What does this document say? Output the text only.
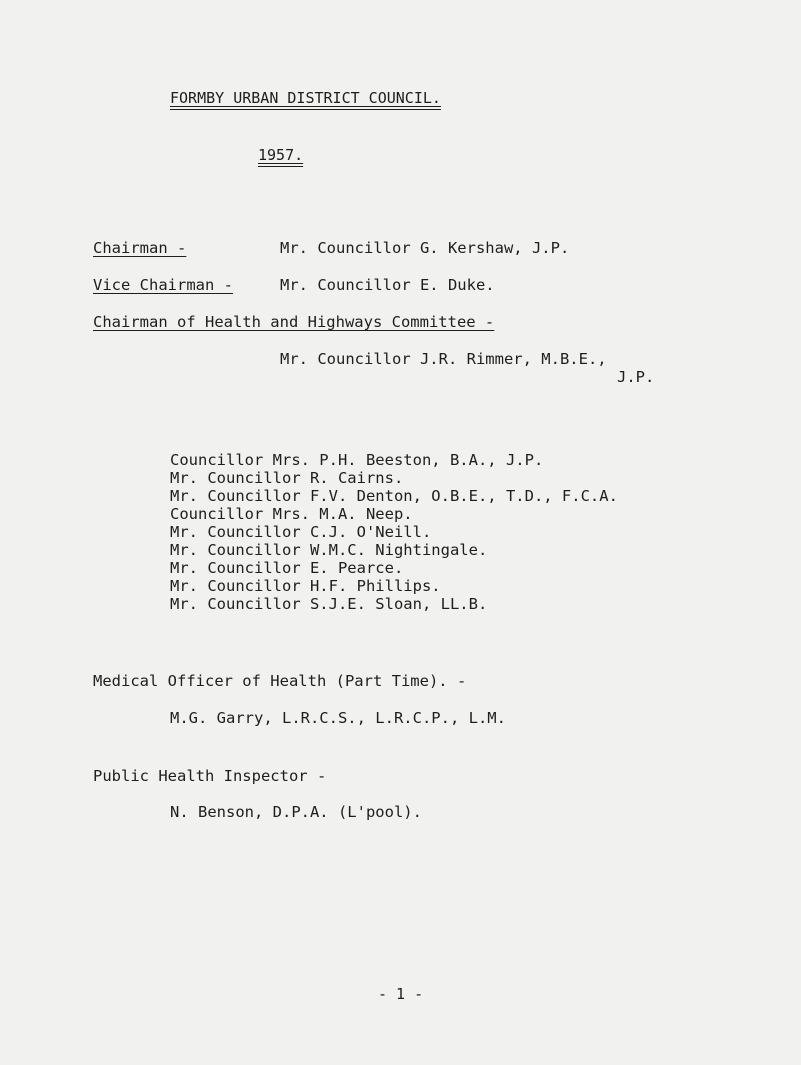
FORMBY URBAN DISTRICT COUNCIL.
1957.
Chairman -	Mr. Councillor G. Kershaw, J.P.
Vice Chairman -	Mr. Councillor E. Duke.
Chairman of Health and Highways Committee -
Mr. Councillor J.R. Rimmer, M.B.E.,
J.P.
Councillor Mrs. P.H. Beeston, B.A., J.P.
Mr. Councillor R. Cairns.
Mr. Councillor F.V. Denton, O.B.E., T.D., F.C.A.
Councillor Mrs. M.A. Neep.
Mr. Councillor C.J. O'Neill.
Mr. Councillor W.M.C. Nightingale.
Mr. Councillor E. Pearce.
Mr. Councillor H.F. Phillips.
Mr. Councillor S.J.E. Sloan, LL.B.
Medical Officer of Health (Part Time). -
M.G. Garry, L.R.C.S., L.R.C.P., L.M.
Public Health Inspector -
N. Benson, D.P.A. (L'pool).
- 1 -
